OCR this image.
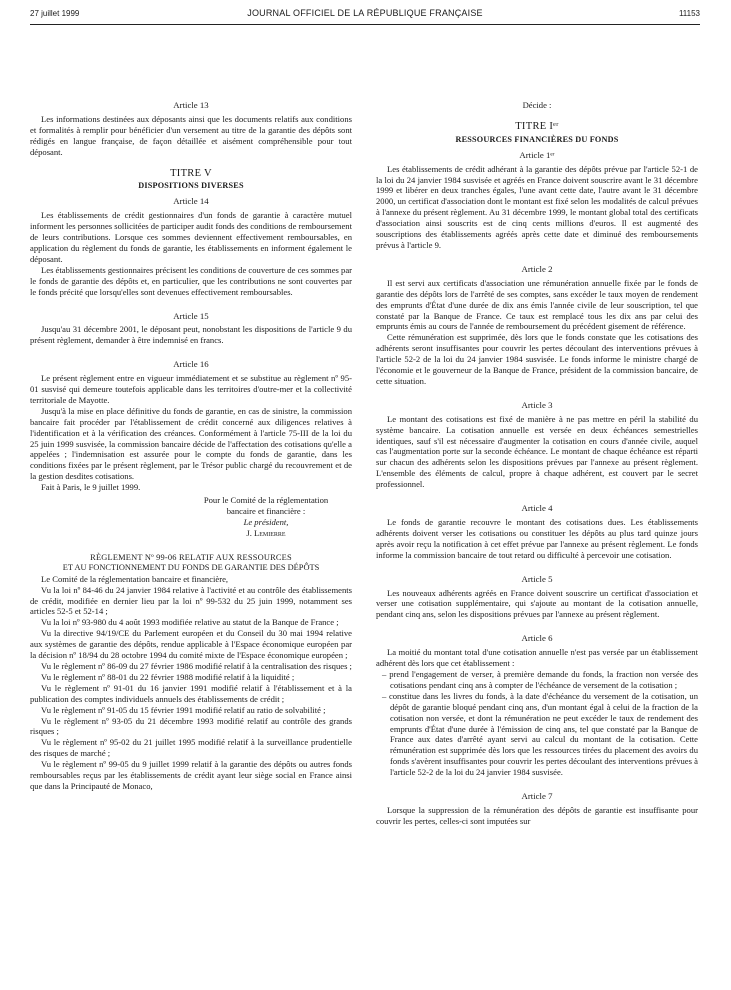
27 juillet 1999	JOURNAL OFFICIEL DE LA RÉPUBLIQUE FRANÇAISE	11153
Article 13

Les informations destinées aux déposants ainsi que les documents relatifs aux conditions et formalités à remplir pour bénéficier d'un versement au titre de la garantie des dépôts sont rédigés en langue française, de façon détaillée et aisément compréhensible pour tout déposant.

TITRE V
DISPOSITIONS DIVERSES
Article 14

Les établissements de crédit gestionnaires d'un fonds de garantie à caractère mutuel informent les personnes sollicitées de participer audit fonds des conditions de remboursement de leurs contributions. Lorsque ces sommes deviennent effectivement remboursables, en application du règlement du fonds de garantie, les établissements en informent également le déposant.

Les établissements gestionnaires précisent les conditions de couverture de ces sommes par le fonds de garantie des dépôts et, en particulier, que les contributions ne sont couvertes par le fonds précité que lorsqu'elles sont devenues effectivement remboursables.

Article 15

Jusqu'au 31 décembre 2001, le déposant peut, nonobstant les dispositions de l'article 9 du présent règlement, demander à être indemnisé en francs.

Article 16

Le présent règlement entre en vigueur immédiatement et se substitue au règlement nº 95-01 susvisé qui demeure toutefois applicable dans les territoires d'outre-mer et la collectivité territoriale de Mayotte.

Jusqu'à la mise en place définitive du fonds de garantie, en cas de sinistre, la commission bancaire fait procéder par l'établissement de crédit concerné aux diligences relatives à l'identification et à la vérification des créances. Conformément à l'article 75-III de la loi du 25 juin 1999 susvisée, la commission bancaire décide de l'affectation des cotisations qu'elle a appelées ; l'indemnisation est assurée pour le compte du fonds de garantie, dans les conditions fixées par le présent règlement, par le Trésor public chargé du recouvrement et de la gestion desdites cotisations.

Fait à Paris, le 9 juillet 1999.

Pour le Comité de la réglementation
bancaire et financière :
Le président,
J. Lemierre
RÈGLEMENT Nº 99-06 RELATIF AUX RESSOURCES
ET AU FONCTIONNEMENT DU FONDS DE GARANTIE DES DÉPÔTS

Le Comité de la réglementation bancaire et financière,

Vu la loi nº 84-46 du 24 janvier 1984 relative à l'activité et au contrôle des établissements de crédit, modifiée en dernier lieu par la loi nº 99-532 du 25 juin 1999, notamment ses articles 52-5 et 52-14 ;

Vu la loi nº 93-980 du 4 août 1993 modifiée relative au statut de la Banque de France ;

Vu la directive 94/19/CE du Parlement européen et du Conseil du 30 mai 1994 relative aux systèmes de garantie des dépôts, rendue applicable à l'Espace économique européen par la décision nº 18/94 du 28 octobre 1994 du comité mixte de l'Espace économique européen ;

Vu le règlement nº 86-09 du 27 février 1986 modifié relatif à la centralisation des risques ;

Vu le règlement nº 88-01 du 22 février 1988 modifié relatif à la liquidité ;

Vu le règlement nº 91-01 du 16 janvier 1991 modifié relatif à l'établissement et à la publication des comptes individuels annuels des établissements de crédit ;

Vu le règlement nº 91-05 du 15 février 1991 modifié relatif au ratio de solvabilité ;

Vu le règlement nº 93-05 du 21 décembre 1993 modifié relatif au contrôle des grands risques ;

Vu le règlement nº 95-02 du 21 juillet 1995 modifié relatif à la surveillance prudentielle des risques de marché ;

Vu le règlement nº 99-05 du 9 juillet 1999 relatif à la garantie des dépôts ou autres fonds remboursables reçus par les établissements de crédit ayant leur siège social en France ainsi que dans la Principauté de Monaco,

Décide :
TITRE Iᵉʳ
RESSOURCES FINANCIÈRES DU FONDS
Article 1ᵉʳ

Les établissements de crédit adhérant à la garantie des dépôts prévue par l'article 52-1 de la loi du 24 janvier 1984 susvisée et agréés en France doivent souscrire avant le 31 décembre 1999 et libérer en deux tranches égales, l'une avant cette date, l'autre avant le 31 décembre 2000, un certificat d'association dont le montant est fixé selon les modalités de calcul prévues à l'annexe du présent règlement. Au 31 décembre 1999, le montant global total des certificats d'association ainsi souscrits est de cinq cents millions d'euros. Il est augmenté des souscriptions des établissements agréés après cette date et diminué des remboursements prévus à l'article 9.

Article 2

Il est servi aux certificats d'association une rémunération annuelle fixée par le fonds de garantie des dépôts lors de l'arrêté de ses comptes, sans excéder le taux moyen de rendement des emprunts d'État d'une durée de dix ans émis l'année civile de leur souscription, tel que constaté par la Banque de France. Ce taux est remplacé tous les dix ans par celui des emprunts émis au cours de l'année de remboursement du précédent gisement de référence.

Cette rémunération est supprimée, dès lors que le fonds constate que les cotisations des adhérents seront insuffisantes pour couvrir les pertes découlant des interventions prévues à l'article 52-2 de la loi du 24 janvier 1984 susvisée. Le fonds informe le ministre chargé de l'économie et le gouverneur de la Banque de France, président de la commission bancaire, de cette situation.

Article 3

Le montant des cotisations est fixé de manière à ne pas mettre en péril la stabilité du système bancaire. La cotisation annuelle est versée en deux échéances semestrielles identiques, sauf s'il est nécessaire d'augmenter la cotisation en cours d'année civile, auquel cas l'augmentation porte sur la seconde échéance. Le montant de chaque échéance est réparti sur chacun des adhérents selon les dispositions prévues par l'annexe au présent règlement. L'ensemble des éléments de calcul, propre à chaque adhérent, est couvert par le secret professionnel.

Article 4

Le fonds de garantie recouvre le montant des cotisations dues. Les établissements adhérents doivent verser les cotisations ou constituer les dépôts au plus tard quinze jours après avoir reçu la notification à cet effet prévue par l'annexe au présent règlement. Le fonds informe la commission bancaire de tout retard ou difficulté à percevoir une cotisation.

Article 5

Les nouveaux adhérents agréés en France doivent souscrire un certificat d'association et verser une cotisation supplémentaire, qui s'ajoute au montant de la cotisation annuelle, pendant cinq ans, selon les dispositions prévues par l'annexe au présent règlement.

Article 6

La moitié du montant total d'une cotisation annuelle n'est pas versée par un établissement adhérent dès lors que cet établissement :

– prend l'engagement de verser, à première demande du fonds, la fraction non versée des cotisations pendant cinq ans à compter de l'échéance de versement de la cotisation ;

– constitue dans les livres du fonds, à la date d'échéance du versement de la cotisation, un dépôt de garantie bloqué pendant cinq ans, d'un montant égal à celui de la fraction de la cotisation non versée, et dont la rémunération ne peut excéder le taux de rendement des emprunts d'État d'une durée à l'émission de cinq ans, tel que constaté par la Banque de France aux dates d'arrêté ayant servi au calcul du montant de la cotisation. Cette rémunération est supprimée dès lors que les ressources tirées du placement des avoirs du fonds s'avèrent insuffisantes pour couvrir les pertes découlant des interventions prévues à l'article 52-2 de la loi du 24 janvier 1984 susvisée.

Article 7

Lorsque la suppression de la rémunération des dépôts de garantie est insuffisante pour couvrir les pertes, celles-ci sont imputées sur
